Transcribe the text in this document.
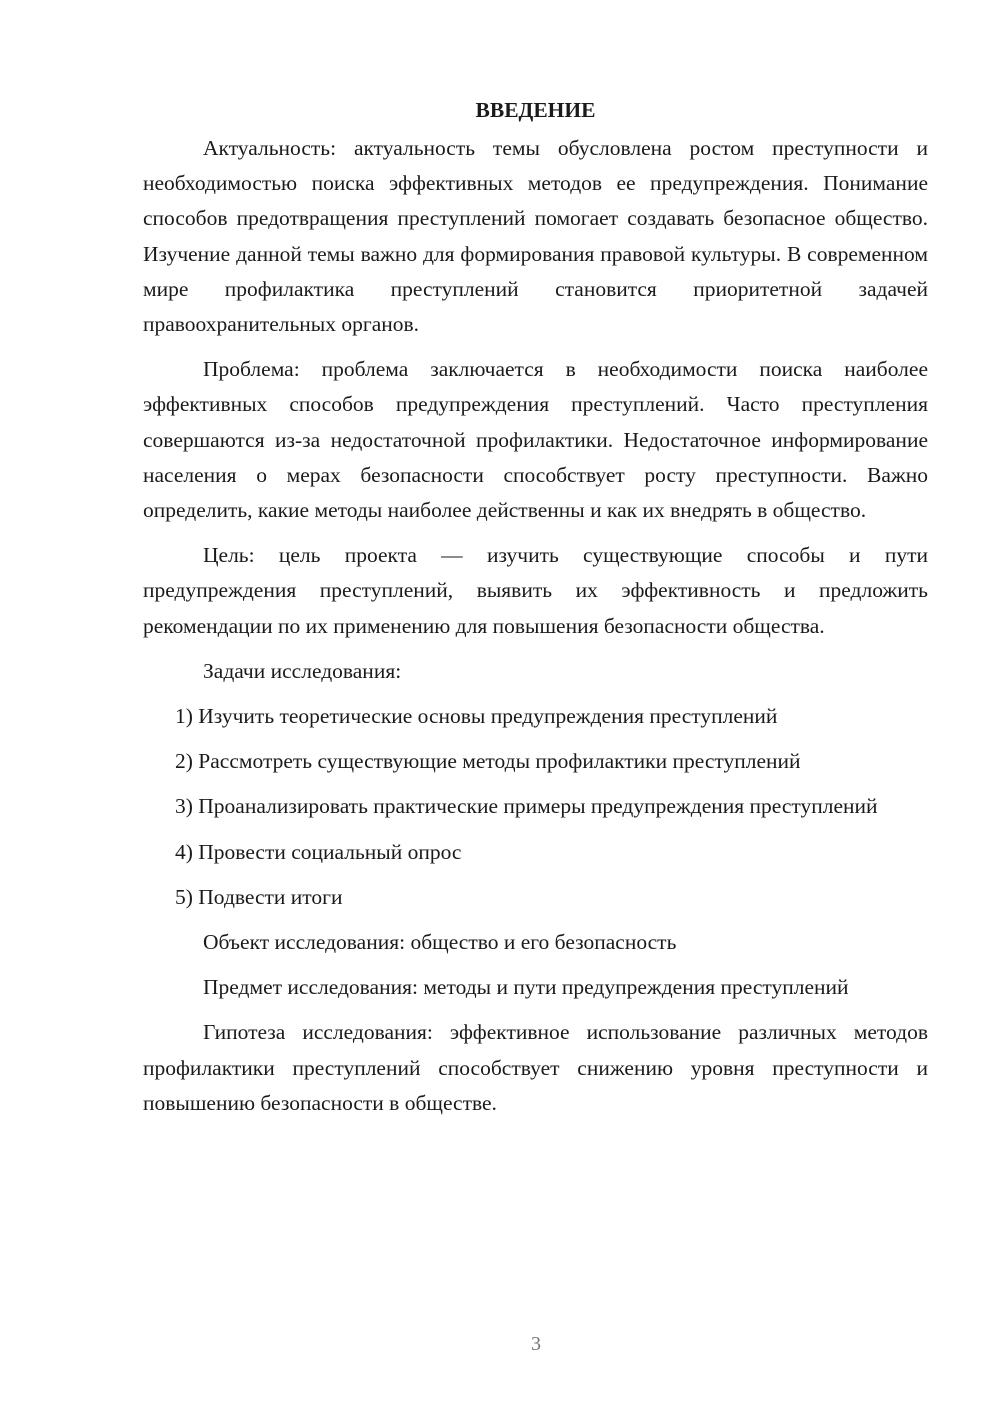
ВВЕДЕНИЕ

Актуальность: актуальность темы обусловлена ростом преступности и необходимостью поиска эффективных методов ее предупреждения. Понимание способов предотвращения преступлений помогает создавать безопасное общество. Изучение данной темы важно для формирования правовой культуры. В современном мире профилактика преступлений становится приоритетной задачей правоохранительных органов.

Проблема: проблема заключается в необходимости поиска наиболее эффективных способов предупреждения преступлений. Часто преступления совершаются из-за недостаточной профилактики. Недостаточное информирование населения о мерах безопасности способствует росту преступности. Важно определить, какие методы наиболее действенны и как их внедрять в общество.

Цель: цель проекта — изучить существующие способы и пути предупреждения преступлений, выявить их эффективность и предложить рекомендации по их применению для повышения безопасности общества.

Задачи исследования:

1) Изучить теоретические основы предупреждения преступлений

2) Рассмотреть существующие методы профилактики преступлений

3) Проанализировать практические примеры предупреждения преступлений

4) Провести социальный опрос

5) Подвести итоги

Объект исследования: общество и его безопасность

Предмет исследования: методы и пути предупреждения преступлений

Гипотеза исследования: эффективное использование различных методов профилактики преступлений способствует снижению уровня преступности и повышению безопасности в обществе.

3
